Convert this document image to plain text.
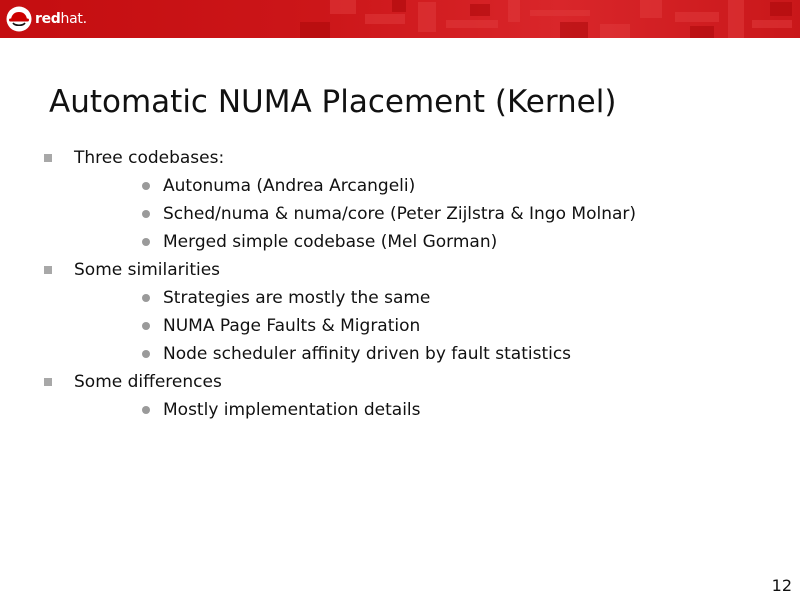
redhat.
Automatic NUMA Placement (Kernel)
Three codebases:
Autonuma (Andrea Arcangeli)
Sched/numa & numa/core (Peter Zijlstra & Ingo Molnar)
Merged simple codebase (Mel Gorman)
Some similarities
Strategies are mostly the same
NUMA Page Faults & Migration
Node scheduler affinity driven by fault statistics
Some differences
Mostly implementation details
12
